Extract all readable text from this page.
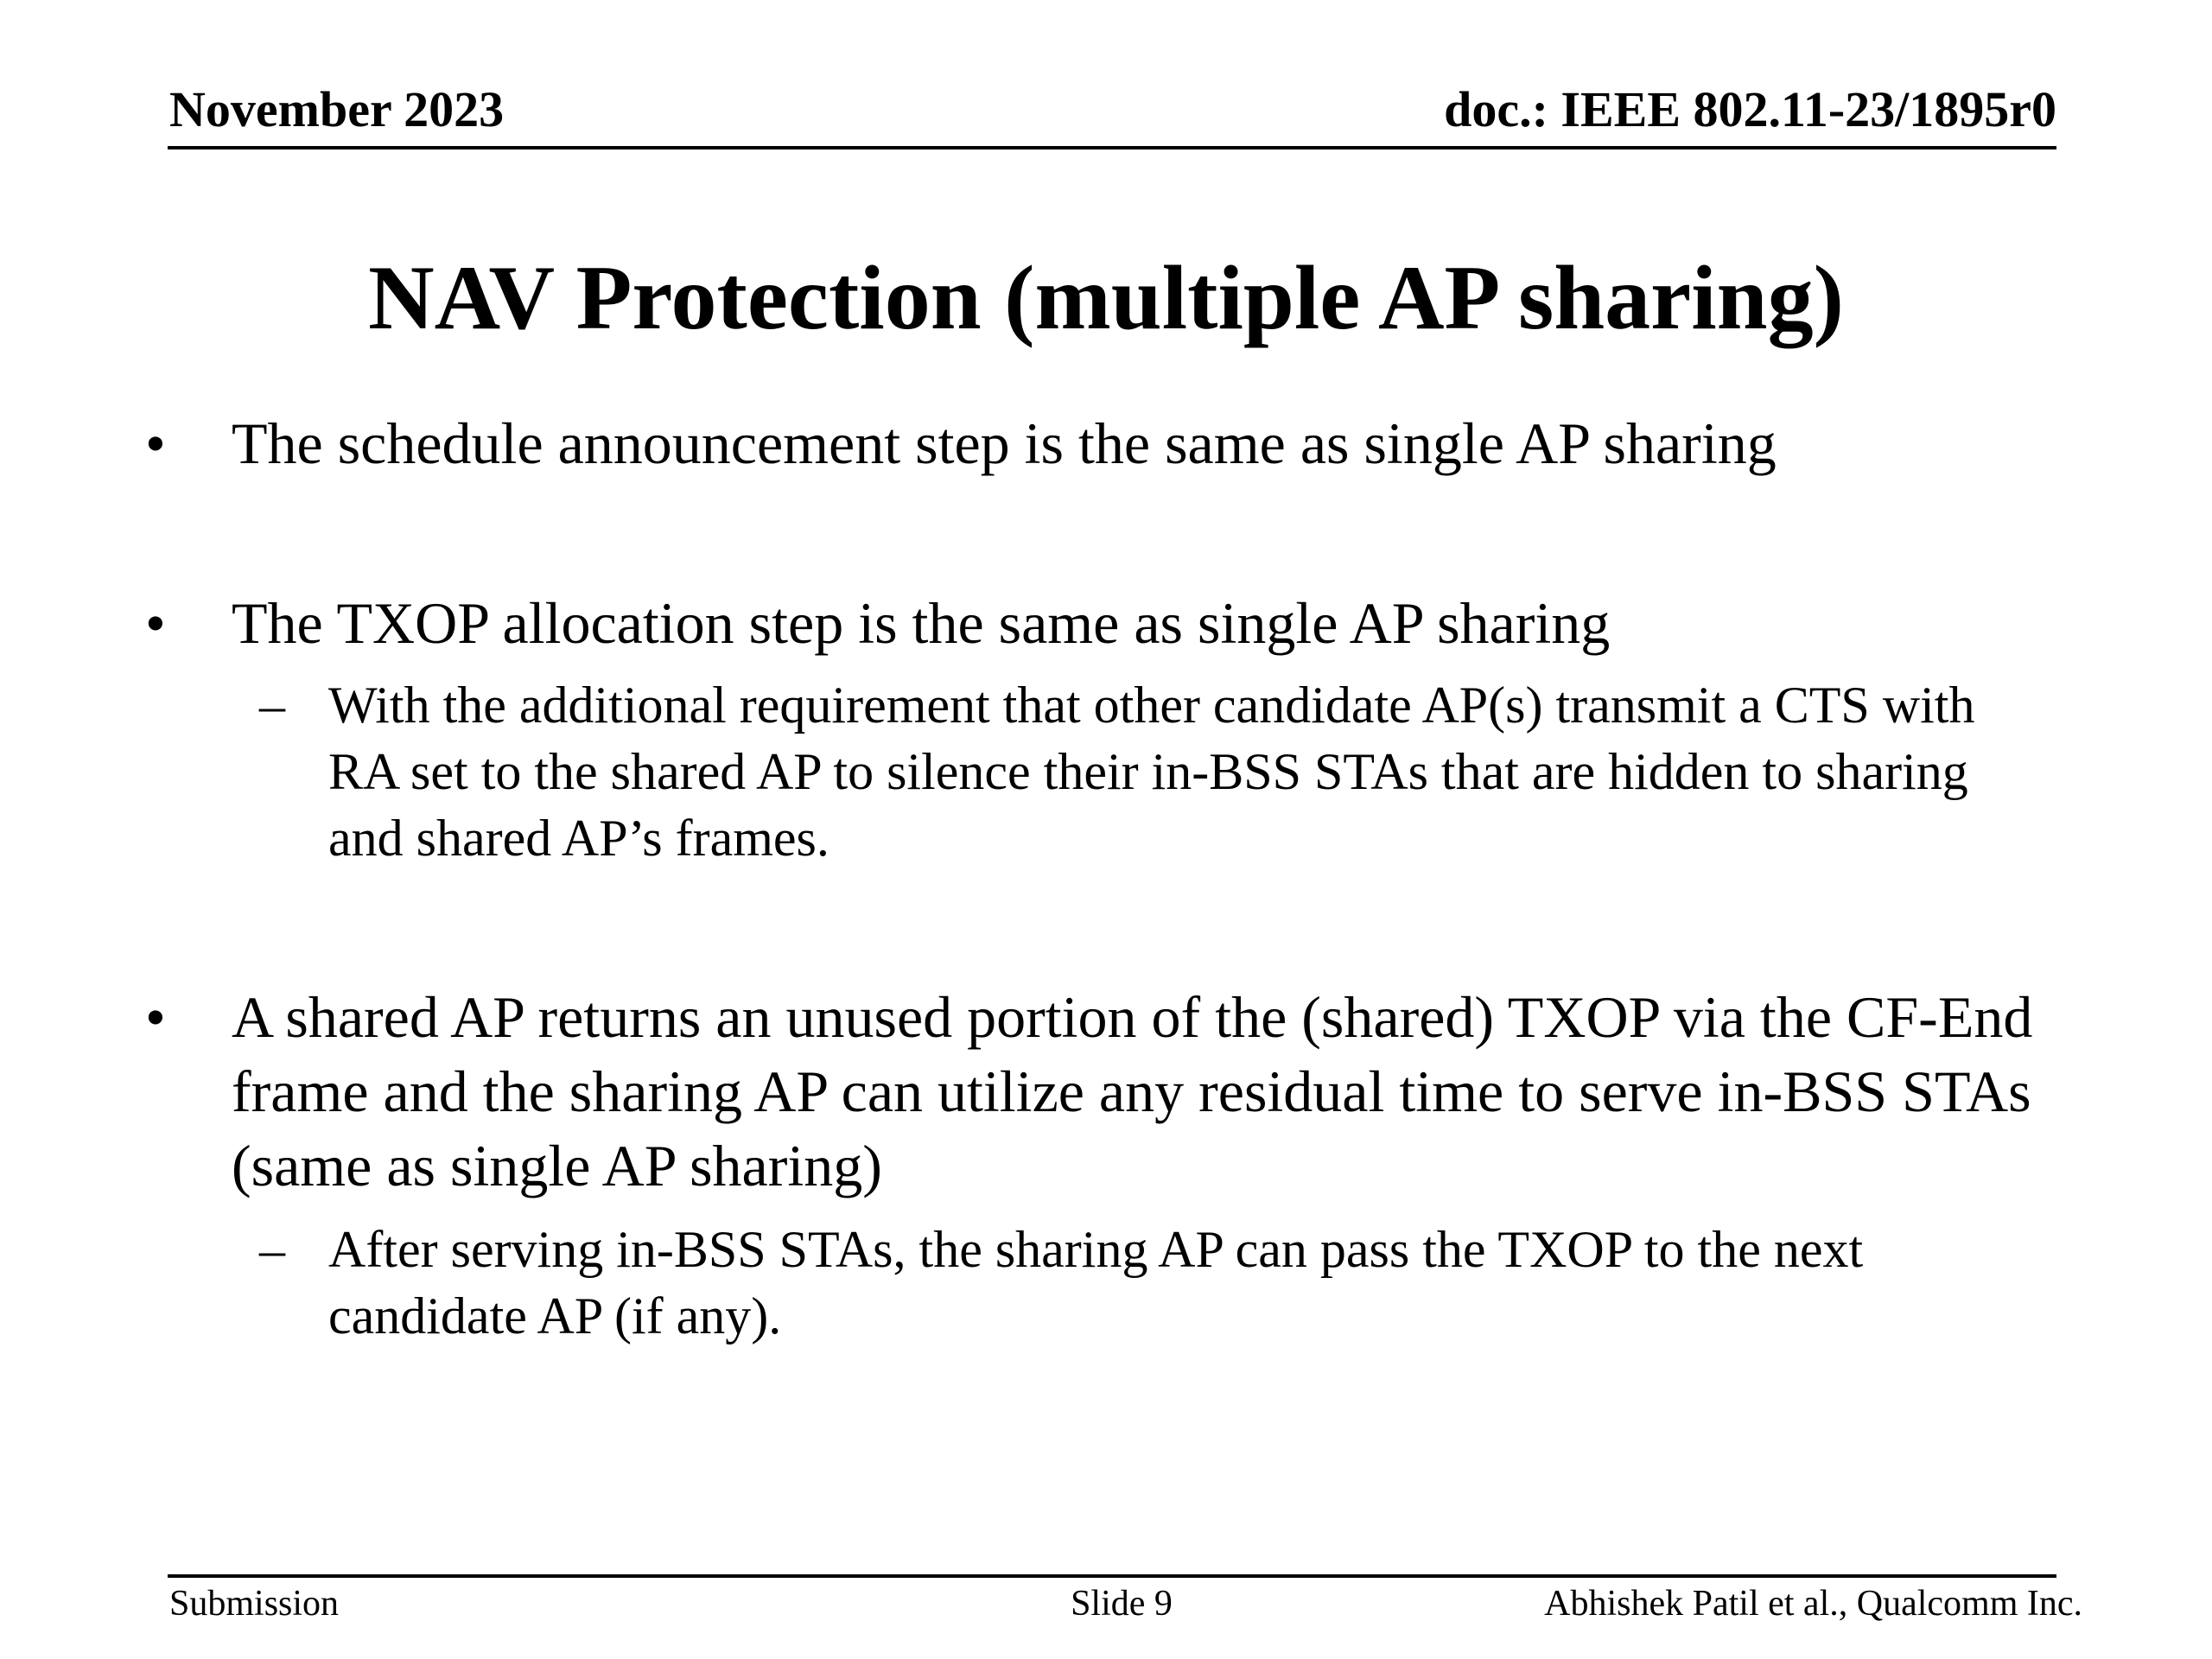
November 2023	doc.: IEEE 802.11-23/1895r0
NAV Protection (multiple AP sharing)
• The schedule announcement step is the same as single AP sharing
• The TXOP allocation step is the same as single AP sharing
– With the additional requirement that other candidate AP(s) transmit a CTS with RA set to the shared AP to silence their in-BSS STAs that are hidden to sharing and shared AP’s frames.
• A shared AP returns an unused portion of the (shared) TXOP via the CF-End frame and the sharing AP can utilize any residual time to serve in-BSS STAs (same as single AP sharing)
– After serving in-BSS STAs, the sharing AP can pass the TXOP to the next candidate AP (if any).
Submission	Slide 9	Abhishek Patil et al., Qualcomm Inc.
